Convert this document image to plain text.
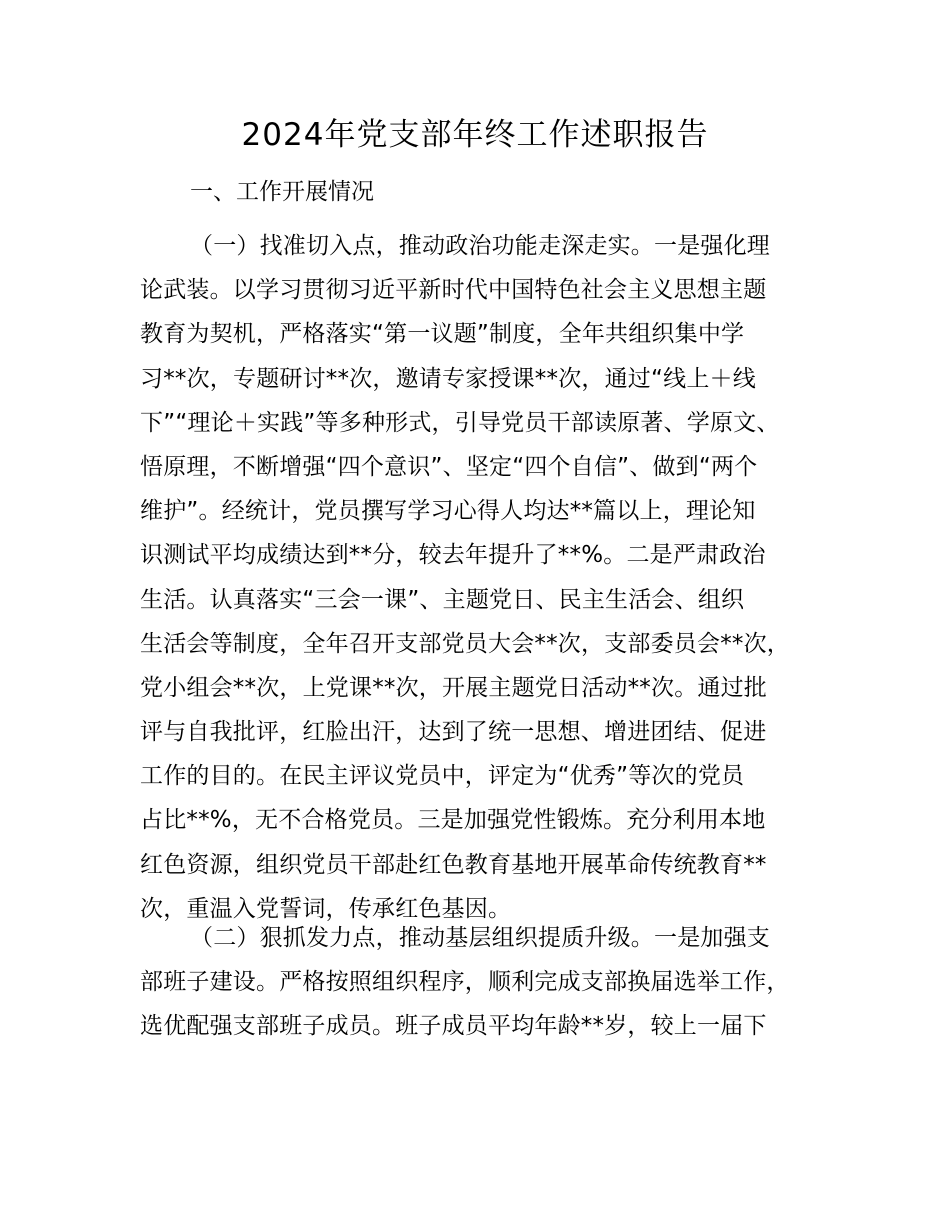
2024年党支部年终工作述职报告
一、工作开展情况
（一）找准切入点，推动政治功能走深走实。一是强化理
论武装。以学习贯彻习近平新时代中国特色社会主义思想主题
教育为契机，严格落实“第一议题”制度，全年共组织集中学
习**次，专题研讨**次，邀请专家授课**次，通过“线上＋线
下”“理论＋实践”等多种形式，引导党员干部读原著、学原文、
悟原理，不断增强“四个意识”、坚定“四个自信”、做到“两个
维护”。经统计，党员撰写学习心得人均达**篇以上，理论知
识测试平均成绩达到**分，较去年提升了**%。二是严肃政治
生活。认真落实“三会一课”、主题党日、民主生活会、组织
生活会等制度，全年召开支部党员大会**次，支部委员会**次，
党小组会**次，上党课**次，开展主题党日活动**次。通过批
评与自我批评，红脸出汗，达到了统一思想、增进团结、促进
工作的目的。在民主评议党员中，评定为“优秀”等次的党员
占比**%，无不合格党员。三是加强党性锻炼。充分利用本地
红色资源，组织党员干部赴红色教育基地开展革命传统教育**
次，重温入党誓词，传承红色基因。
（二）狠抓发力点，推动基层组织提质升级。一是加强支
部班子建设。严格按照组织程序，顺利完成支部换届选举工作，
选优配强支部班子成员。班子成员平均年龄**岁，较上一届下
